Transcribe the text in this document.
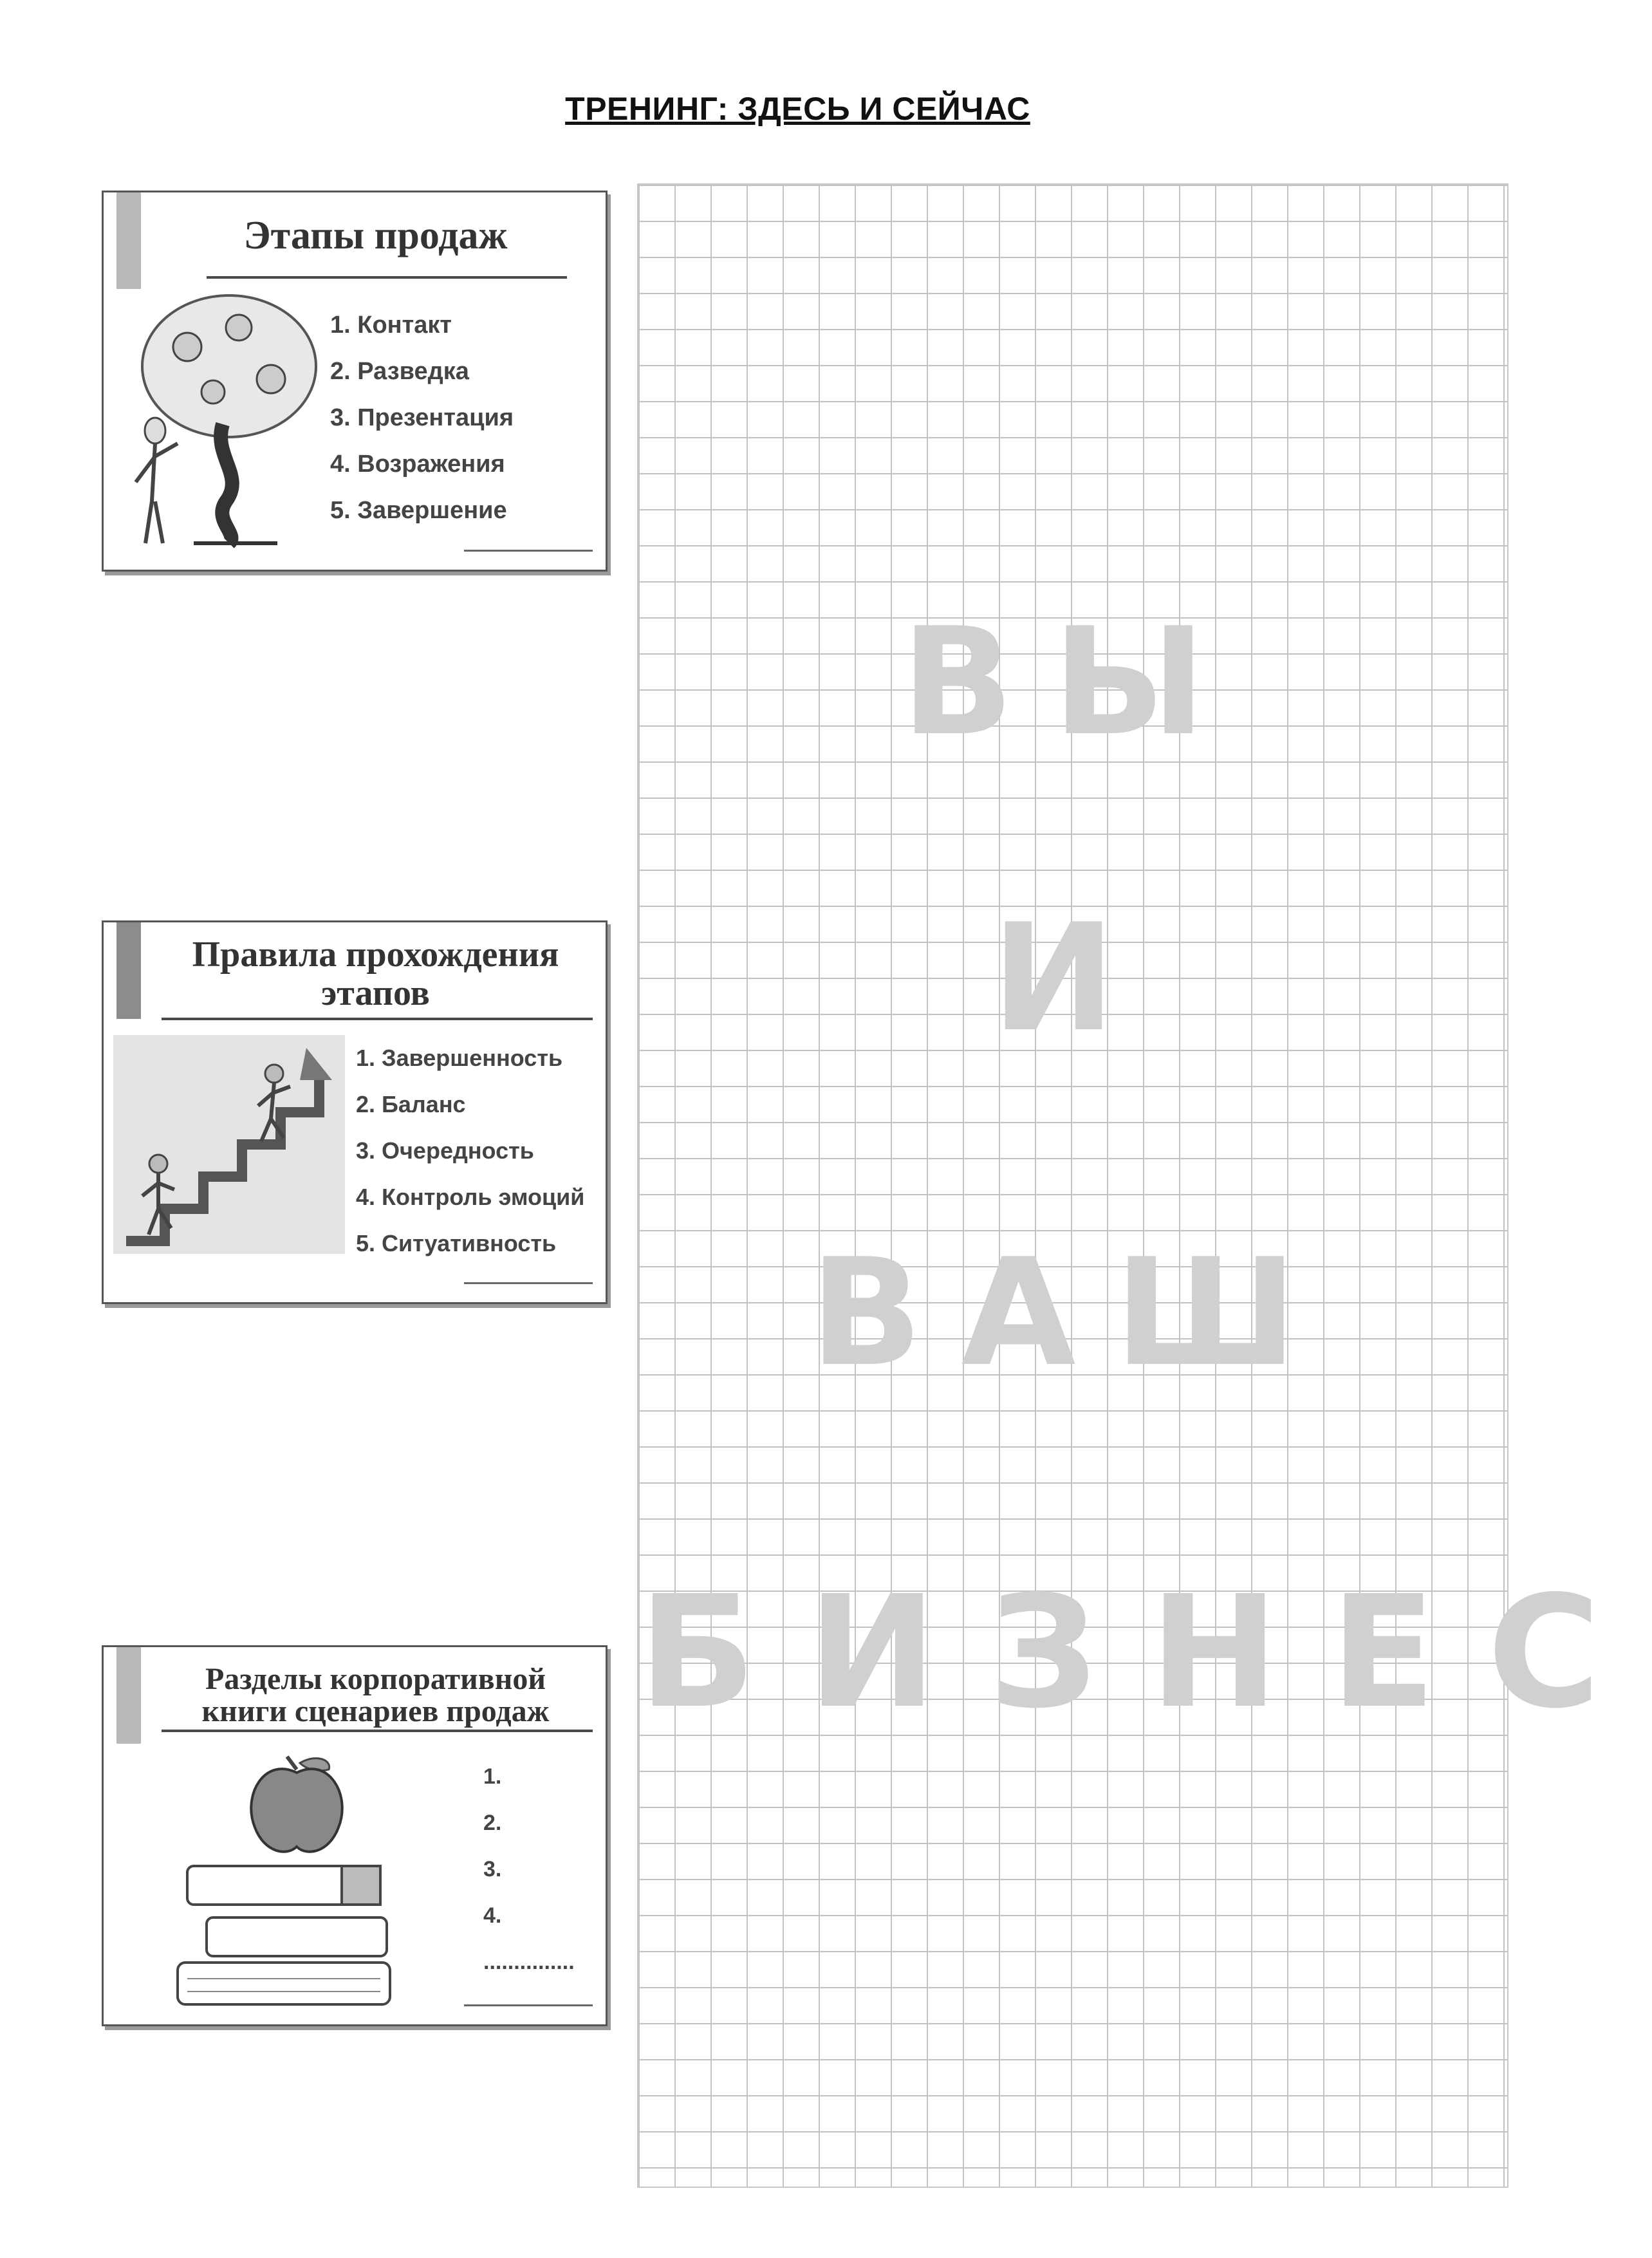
ТРЕНИНГ: ЗДЕСЬ И СЕЙЧАС
ВЫ
И
ВАШ
БИЗНЕС
Этапы продаж
1. Контакт
2. Разведка
3. Презентация
4. Возражения
5. Завершение
Правила прохождения
этапов
1. Завершенность
2. Баланс
3. Очередность
4. Контроль эмоций
5. Ситуативность
Разделы корпоративной
книги сценариев продаж
1.
2.
3.
4.
...............
